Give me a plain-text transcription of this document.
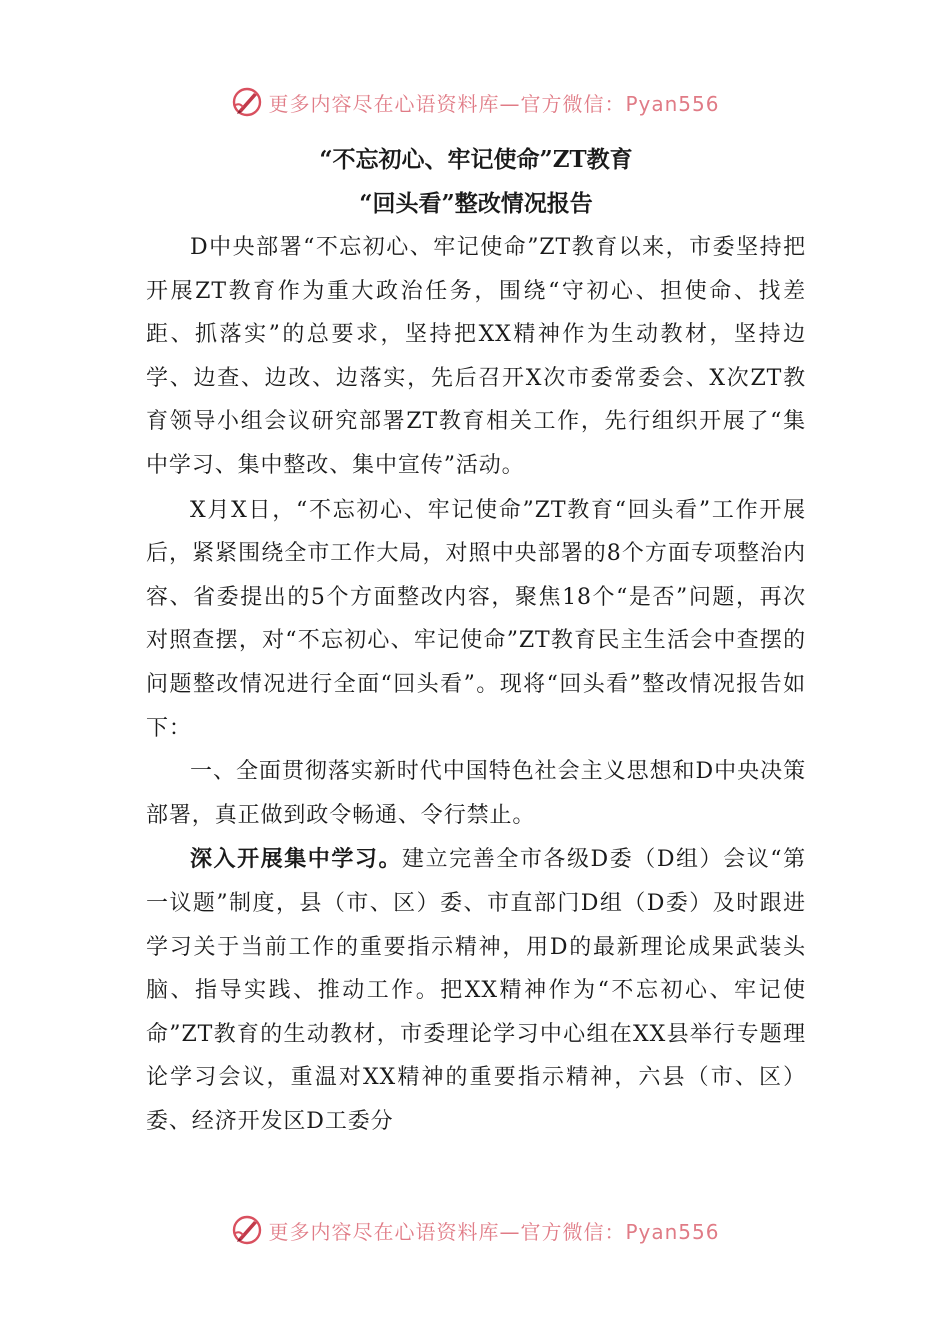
更多内容尽在心语资料库—官方微信：Pyan556

“不忘初心、牢记使命”ZT教育

“回头看”整改情况报告

D中央部署“不忘初心、牢记使命”ZT教育以来，市委坚持把开展ZT教育作为重大政治任务，围绕“守初心、担使命、找差距、抓落实”的总要求，坚持把XX精神作为生动教材，坚持边学、边查、边改、边落实，先后召开X次市委常委会、X次ZT教育领导小组会议研究部署ZT教育相关工作，先行组织开展了“集中学习、集中整改、集中宣传”活动。

X月X日，“不忘初心、牢记使命”ZT教育“回头看”工作开展后，紧紧围绕全市工作大局，对照中央部署的8个方面专项整治内容、省委提出的5个方面整改内容，聚焦18个“是否”问题，再次对照查摆，对“不忘初心、牢记使命”ZT教育民主生活会中查摆的问题整改情况进行全面“回头看”。现将“回头看”整改情况报告如下：

一、全面贯彻落实新时代中国特色社会主义思想和D中央决策部署，真正做到政令畅通、令行禁止。

深入开展集中学习。建立完善全市各级D委（D组）会议“第一议题”制度，县（市、区）委、市直部门D组（D委）及时跟进学习关于当前工作的重要指示精神，用D的最新理论成果武装头脑、指导实践、推动工作。把XX精神作为“不忘初心、牢记使命”ZT教育的生动教材，市委理论学习中心组在XX县举行专题理论学习会议，重温对XX精神的重要指示精神，六县（市、区）委、经济开发区D工委分

更多内容尽在心语资料库—官方微信：Pyan556
